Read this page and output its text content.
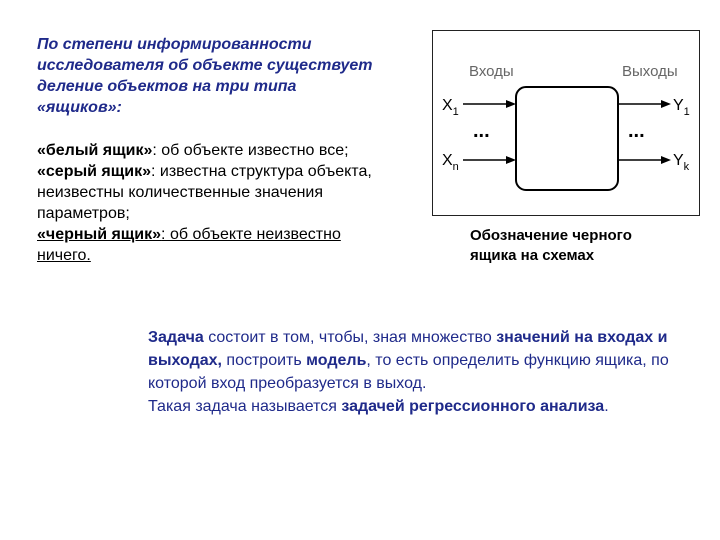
По степени информированности
исследователя об объекте существует
деление объектов на три типа
«ящиков»:

«белый ящик»: об объекте известно все;

«серый ящик»: известна структура объекта,

неизвестны количественные значения

параметров;

«черный ящик»: об объекте неизвестно

ничего.

Входы	Выходы
$X_1$
$X_n$
$Y_1$
$Y_k$
...	...
Обозначение черного
ящика на схемах
Задача состоит в том, чтобы, зная множество значений на входах и выходах, построить модель, то есть определить функцию ящика, по которой вход преобразуется в выход.
Такая задача называется задачей регрессионного анализа.
